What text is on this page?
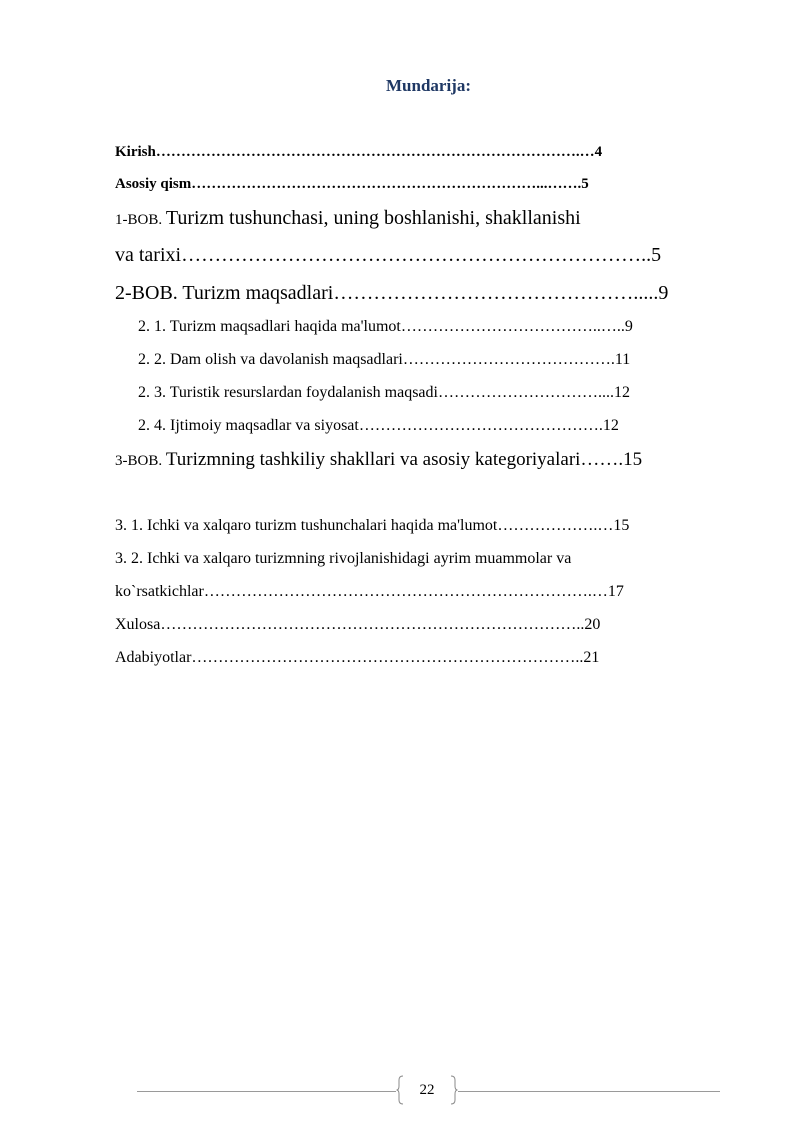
Mundarija:
Kirish………………………………………………………………………….…4
Asosiy qism……………………………………………………………...…….5
1-BOB. Turizm tushunchasi, uning boshlanishi, shakllanishi
va tarixi……………………………………………………………..5
2-BOB. Turizm maqsadlari……………………………………….....9
2. 1. Turizm maqsadlari haqida ma'lumot………………………………..…..9
2. 2. Dam olish va davolanish maqsadlari………………………………….11
2. 3. Turistik resurslardan foydalanish maqsadi…………………………....12
2. 4. Ijtimoiy maqsadlar va siyosat……………………………………….12
3-BOB. Turizmning tashkiliy shakllari va asosiy kategoriyalari…….15
3. 1. Ichki va xalqaro turizm tushunchalari haqida ma'lumot……………….…15
3. 2. Ichki va xalqaro turizmning rivojlanishidagi ayrim muammolar va
ko`rsatkichlar……………………………………………………………….…17
Xulosa……………………………………………………………………..20
Adabiyotlar………………………………………………………………..21
22
